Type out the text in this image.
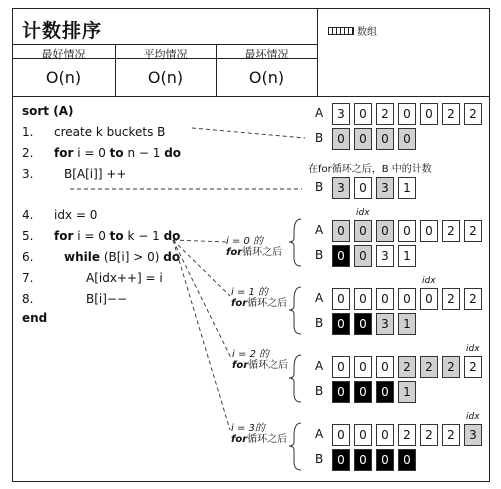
计数排序	数组
最好情况	平均情况	最坏情况
O(n)	O(n)	O(n)
sort (A)
1. create k buckets B
2. for i = 0 to n − 1 do
3.	B[A[i]] ++
4. idx = 0
5. for i = 0 to k − 1 do
6.	while (B[i] > 0) do
7.	A[idx++] = i
8.	B[i]−−
end
在for循环之后，B 中的计数
i = 0 的
for循环之后
i = 1 的
for循环之后
i = 2 的
for循环之后
i = 3的
for循环之后
A	3	0	2	0	0	2	2
B	0	0	0	0
B	3	0	3	1
A	0	0	0	0	0	2	2
B	0	0	3	1
idx
A	0	0	0	0	0	2	2
B	0	0	3	1
idx
A	0	0	0	2	2	2	2
B	0	0	0	1
idx
A	0	0	0	2	2	2	3
B	0	0	0	0
idx
